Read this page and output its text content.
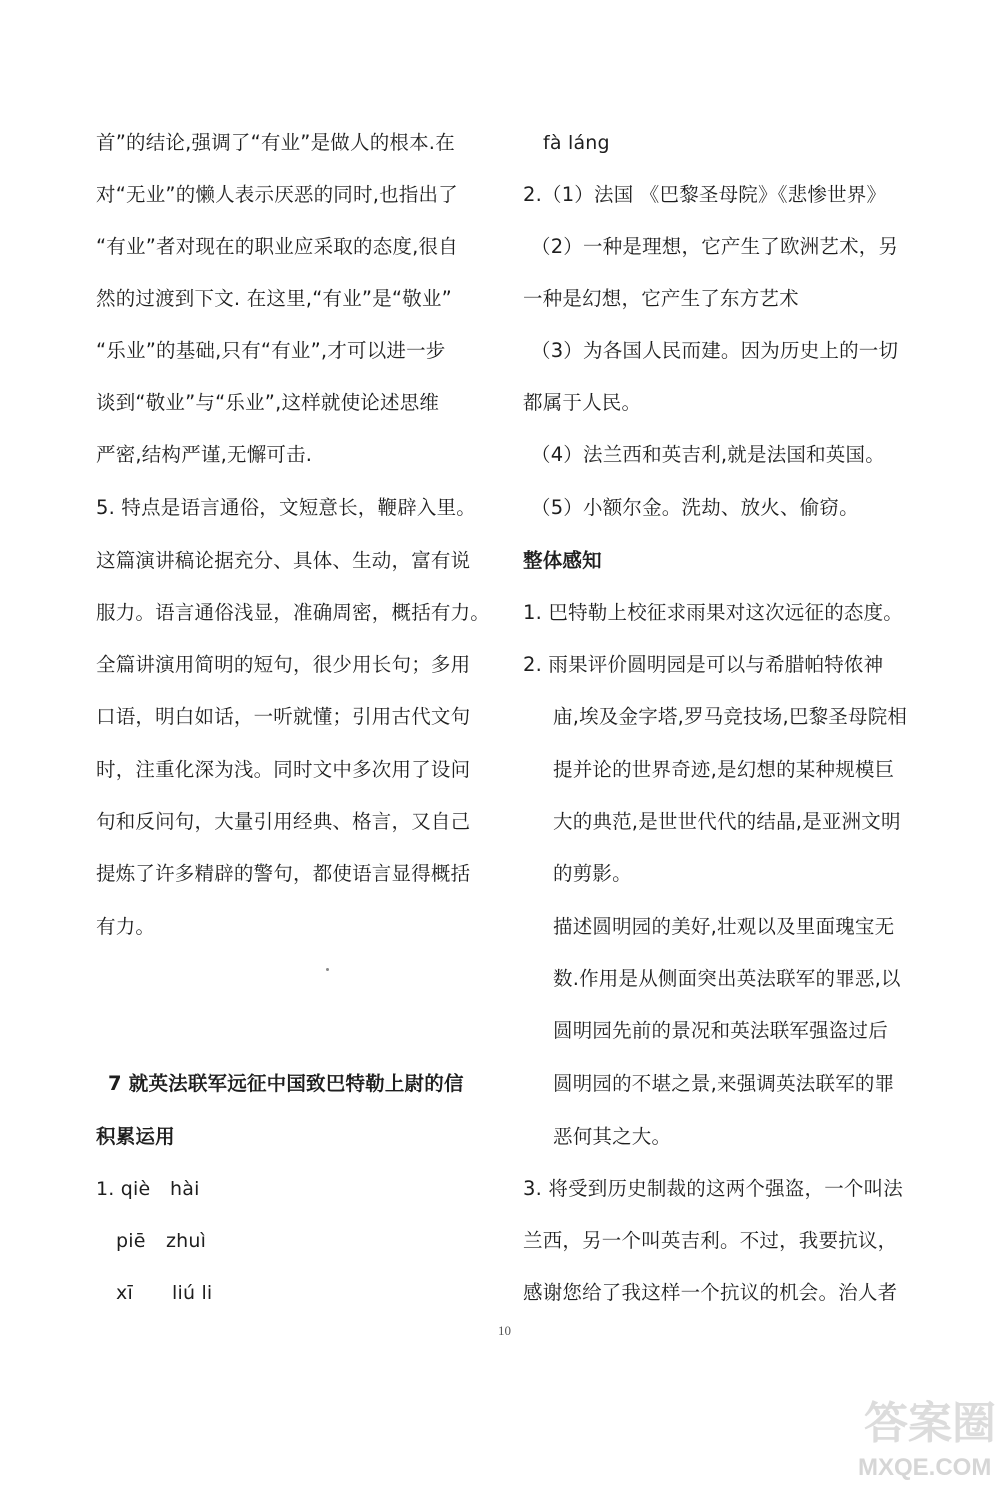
首”的结论,强调了“有业”是做人的根本.在
对“无业”的懒人表示厌恶的同时,也指出了
“有业”者对现在的职业应采取的态度,很自
然的过渡到下文. 在这里,“有业”是“敬业”
“乐业”的基础,只有“有业”,才可以进一步
谈到“敬业”与“乐业”,这样就使论述思维
严密,结构严谨,无懈可击.
5. 特点是语言通俗，文短意长，鞭辟入里。
这篇演讲稿论据充分、具体、生动，富有说
服力。语言通俗浅显，准确周密，概括有力。
全篇讲演用简明的短句，很少用长句；多用
口语，明白如话，一听就懂；引用古代文句
时，注重化深为浅。同时文中多次用了设问
句和反问句，大量引用经典、格言，又自己
提炼了许多精辟的警句，都使语言显得概括
有力。
7 就英法联军远征中国致巴特勒上尉的信
积累运用
1. qiè hài
piē zhuì
xī liú li
fà láng
2.（1）法国 《巴黎圣母院》《悲惨世界》
（2）一种是理想，它产生了欧洲艺术，另
一种是幻想，它产生了东方艺术
（3）为各国人民而建。因为历史上的一切
都属于人民。
（4）法兰西和英吉利,就是法国和英国。
（5）小额尔金。洗劫、放火、偷窃。
整体感知
1. 巴特勒上校征求雨果对这次远征的态度。
2. 雨果评价圆明园是可以与希腊帕特侬神
庙,埃及金字塔,罗马竞技场,巴黎圣母院相
提并论的世界奇迹,是幻想的某种规模巨
大的典范,是世世代代的结晶,是亚洲文明
的剪影。
描述圆明园的美好,壮观以及里面瑰宝无
数.作用是从侧面突出英法联军的罪恶,以
圆明园先前的景况和英法联军强盗过后
圆明园的不堪之景,来强调英法联军的罪
恶何其之大。
3. 将受到历史制裁的这两个强盗，一个叫法
兰西，另一个叫英吉利。不过，我要抗议，
感谢您给了我这样一个抗议的机会。治人者
10
答案圈
MXQE.COM
